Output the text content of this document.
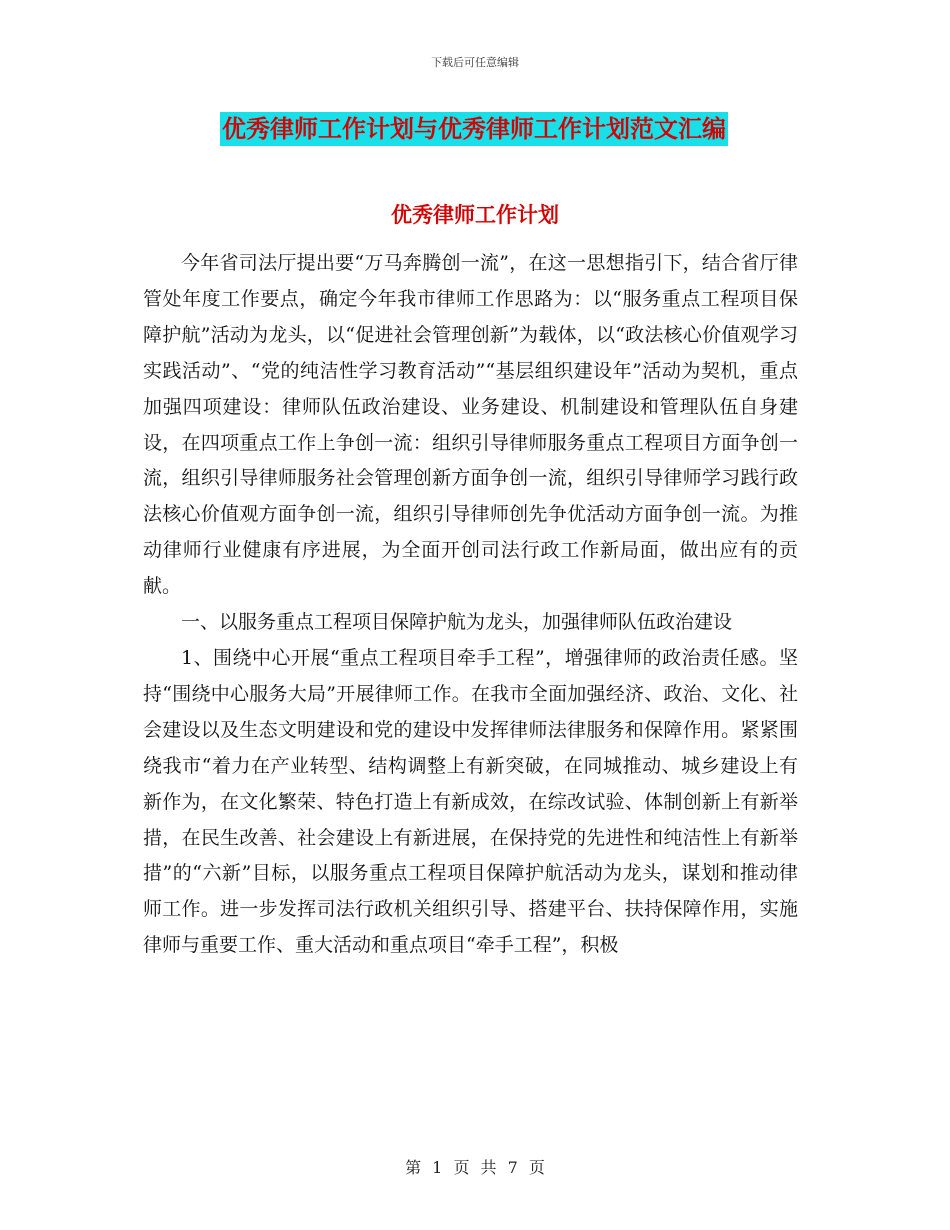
下载后可任意编辑
优秀律师工作计划与优秀律师工作计划范文汇编
优秀律师工作计划

今年省司法厅提出要“万马奔腾创一流”，在这一思想指引下，结合省厅律管处年度工作要点，确定今年我市律师工作思路为：以“服务重点工程项目保障护航”活动为龙头，以“促进社会管理创新”为载体，以“政法核心价值观学习实践活动”、“党的纯洁性学习教育活动”“基层组织建设年”活动为契机，重点加强四项建设：律师队伍政治建设、业务建设、机制建设和管理队伍自身建设，在四项重点工作上争创一流：组织引导律师服务重点工程项目方面争创一流，组织引导律师服务社会管理创新方面争创一流，组织引导律师学习践行政法核心价值观方面争创一流，组织引导律师创先争优活动方面争创一流。为推动律师行业健康有序进展，为全面开创司法行政工作新局面，做出应有的贡献。

一、以服务重点工程项目保障护航为龙头，加强律师队伍政治建设

1、围绕中心开展“重点工程项目牵手工程”，增强律师的政治责任感。坚持“围绕中心服务大局”开展律师工作。在我市全面加强经济、政治、文化、社会建设以及生态文明建设和党的建设中发挥律师法律服务和保障作用。紧紧围绕我市“着力在产业转型、结构调整上有新突破，在同城推动、城乡建设上有新作为，在文化繁荣、特色打造上有新成效，在综改试验、体制创新上有新举措，在民生改善、社会建设上有新进展，在保持党的先进性和纯洁性上有新举措”的“六新”目标，以服务重点工程项目保障护航活动为龙头，谋划和推动律师工作。进一步发挥司法行政机关组织引导、搭建平台、扶持保障作用，实施律师与重要工作、重大活动和重点项目“牵手工程”，积极

第 1 页 共 7 页
